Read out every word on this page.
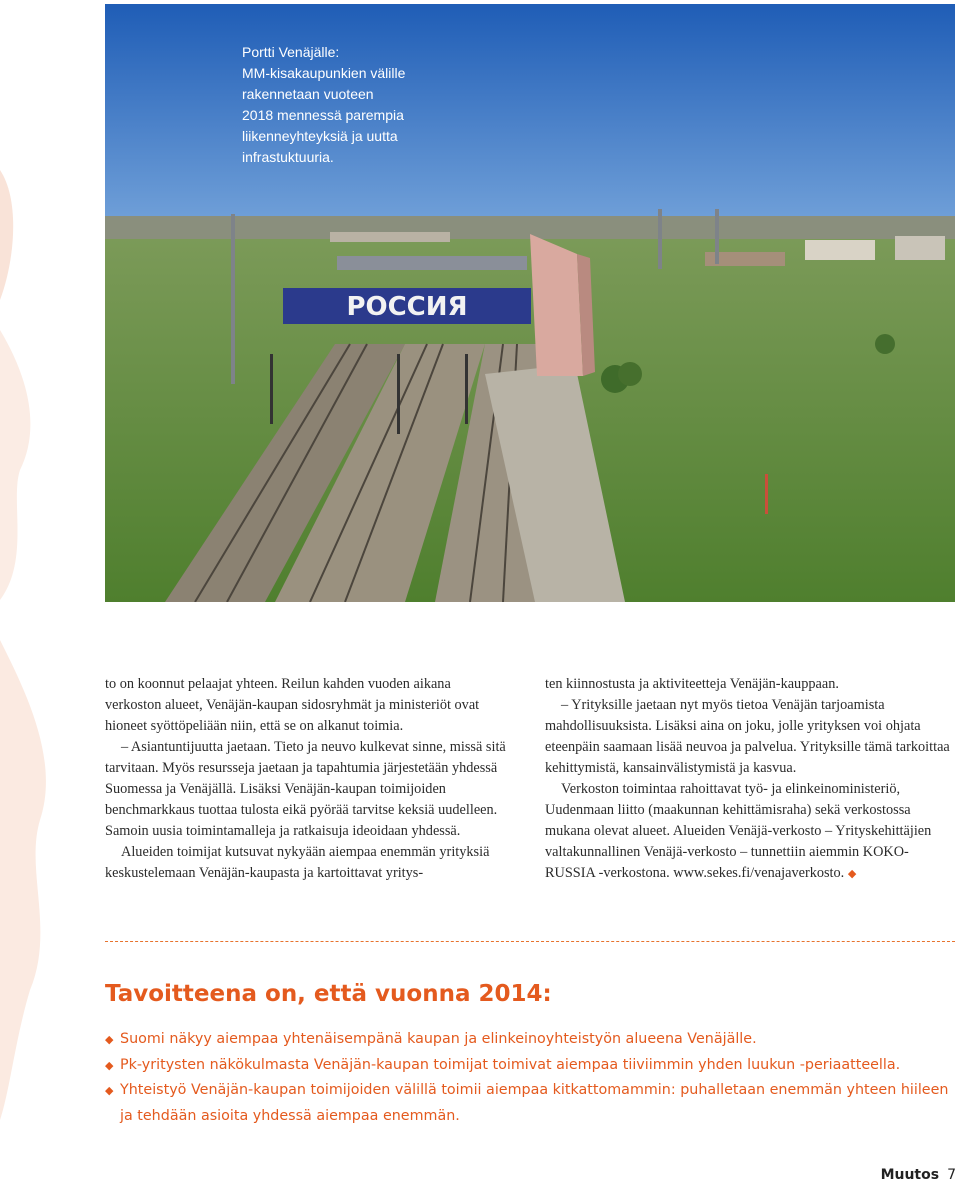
РОССИЯ

Portti Venäjälle:
MM-kisakaupunkien välille
rakennetaan vuoteen
2018 mennessä parempia
liikenneyhteyksiä ja uutta
infrastuktuuria.

to on koonnut pelaajat yhteen. Reilun kahden vuoden aikana verkoston alueet, Venäjän-kaupan sidosryhmät ja ministeriöt ovat hioneet syöttöpeliään niin, että se on alkanut toimia.

– Asiantuntijuutta jaetaan. Tieto ja neuvo kulkevat sinne, missä sitä tarvitaan. Myös resursseja jaetaan ja tapahtumia järjestetään yhdessä Suomessa ja Venäjällä. Lisäksi Venäjän-kaupan toimijoiden benchmarkkaus tuottaa tulosta eikä pyörää tarvitse keksiä uudelleen. Samoin uusia toimintamalleja ja ratkaisuja ideoidaan yhdessä.

Alueiden toimijat kutsuvat nykyään aiempaa enemmän yrityksiä keskustelemaan Venäjän-kaupasta ja kartoittavat yritys-

ten kiinnostusta ja aktiviteetteja Venäjän-kauppaan.

– Yrityksille jaetaan nyt myös tietoa Venäjän tarjoamista mahdollisuuksista. Lisäksi aina on joku, jolle yrityksen voi ohjata eteenpäin saamaan lisää neuvoa ja palvelua. Yrityksille tämä tarkoittaa kehittymistä, kansainvälistymistä ja kasvua.

Verkoston toimintaa rahoittavat työ- ja elinkeinoministeriö, Uudenmaan liitto (maakunnan kehittämisraha) sekä verkostossa mukana olevat alueet. Alueiden Venäjä-verkosto – Yrityskehittäjien valtakunnallinen Venäjä-verkosto – tunnettiin aiemmin KOKO-RUSSIA -verkostona. www.sekes.fi/venajaverkosto. ◆

Tavoitteena on, että vuonna 2014:
◆ Suomi näkyy aiempaa yhtenäisempänä kaupan ja elinkeinoyhteistyön alueena Venäjälle.
◆ Pk-yritysten näkökulmasta Venäjän-kaupan toimijat toimivat aiempaa tiiviimmin yhden luukun -periaatteella.
◆ Yhteistyö Venäjän-kaupan toimijoiden välillä toimii aiempaa kitkattomammin: puhalletaan enemmän yhteen hiileen ja tehdään asioita yhdessä aiempaa enemmän.
Muutos 7
